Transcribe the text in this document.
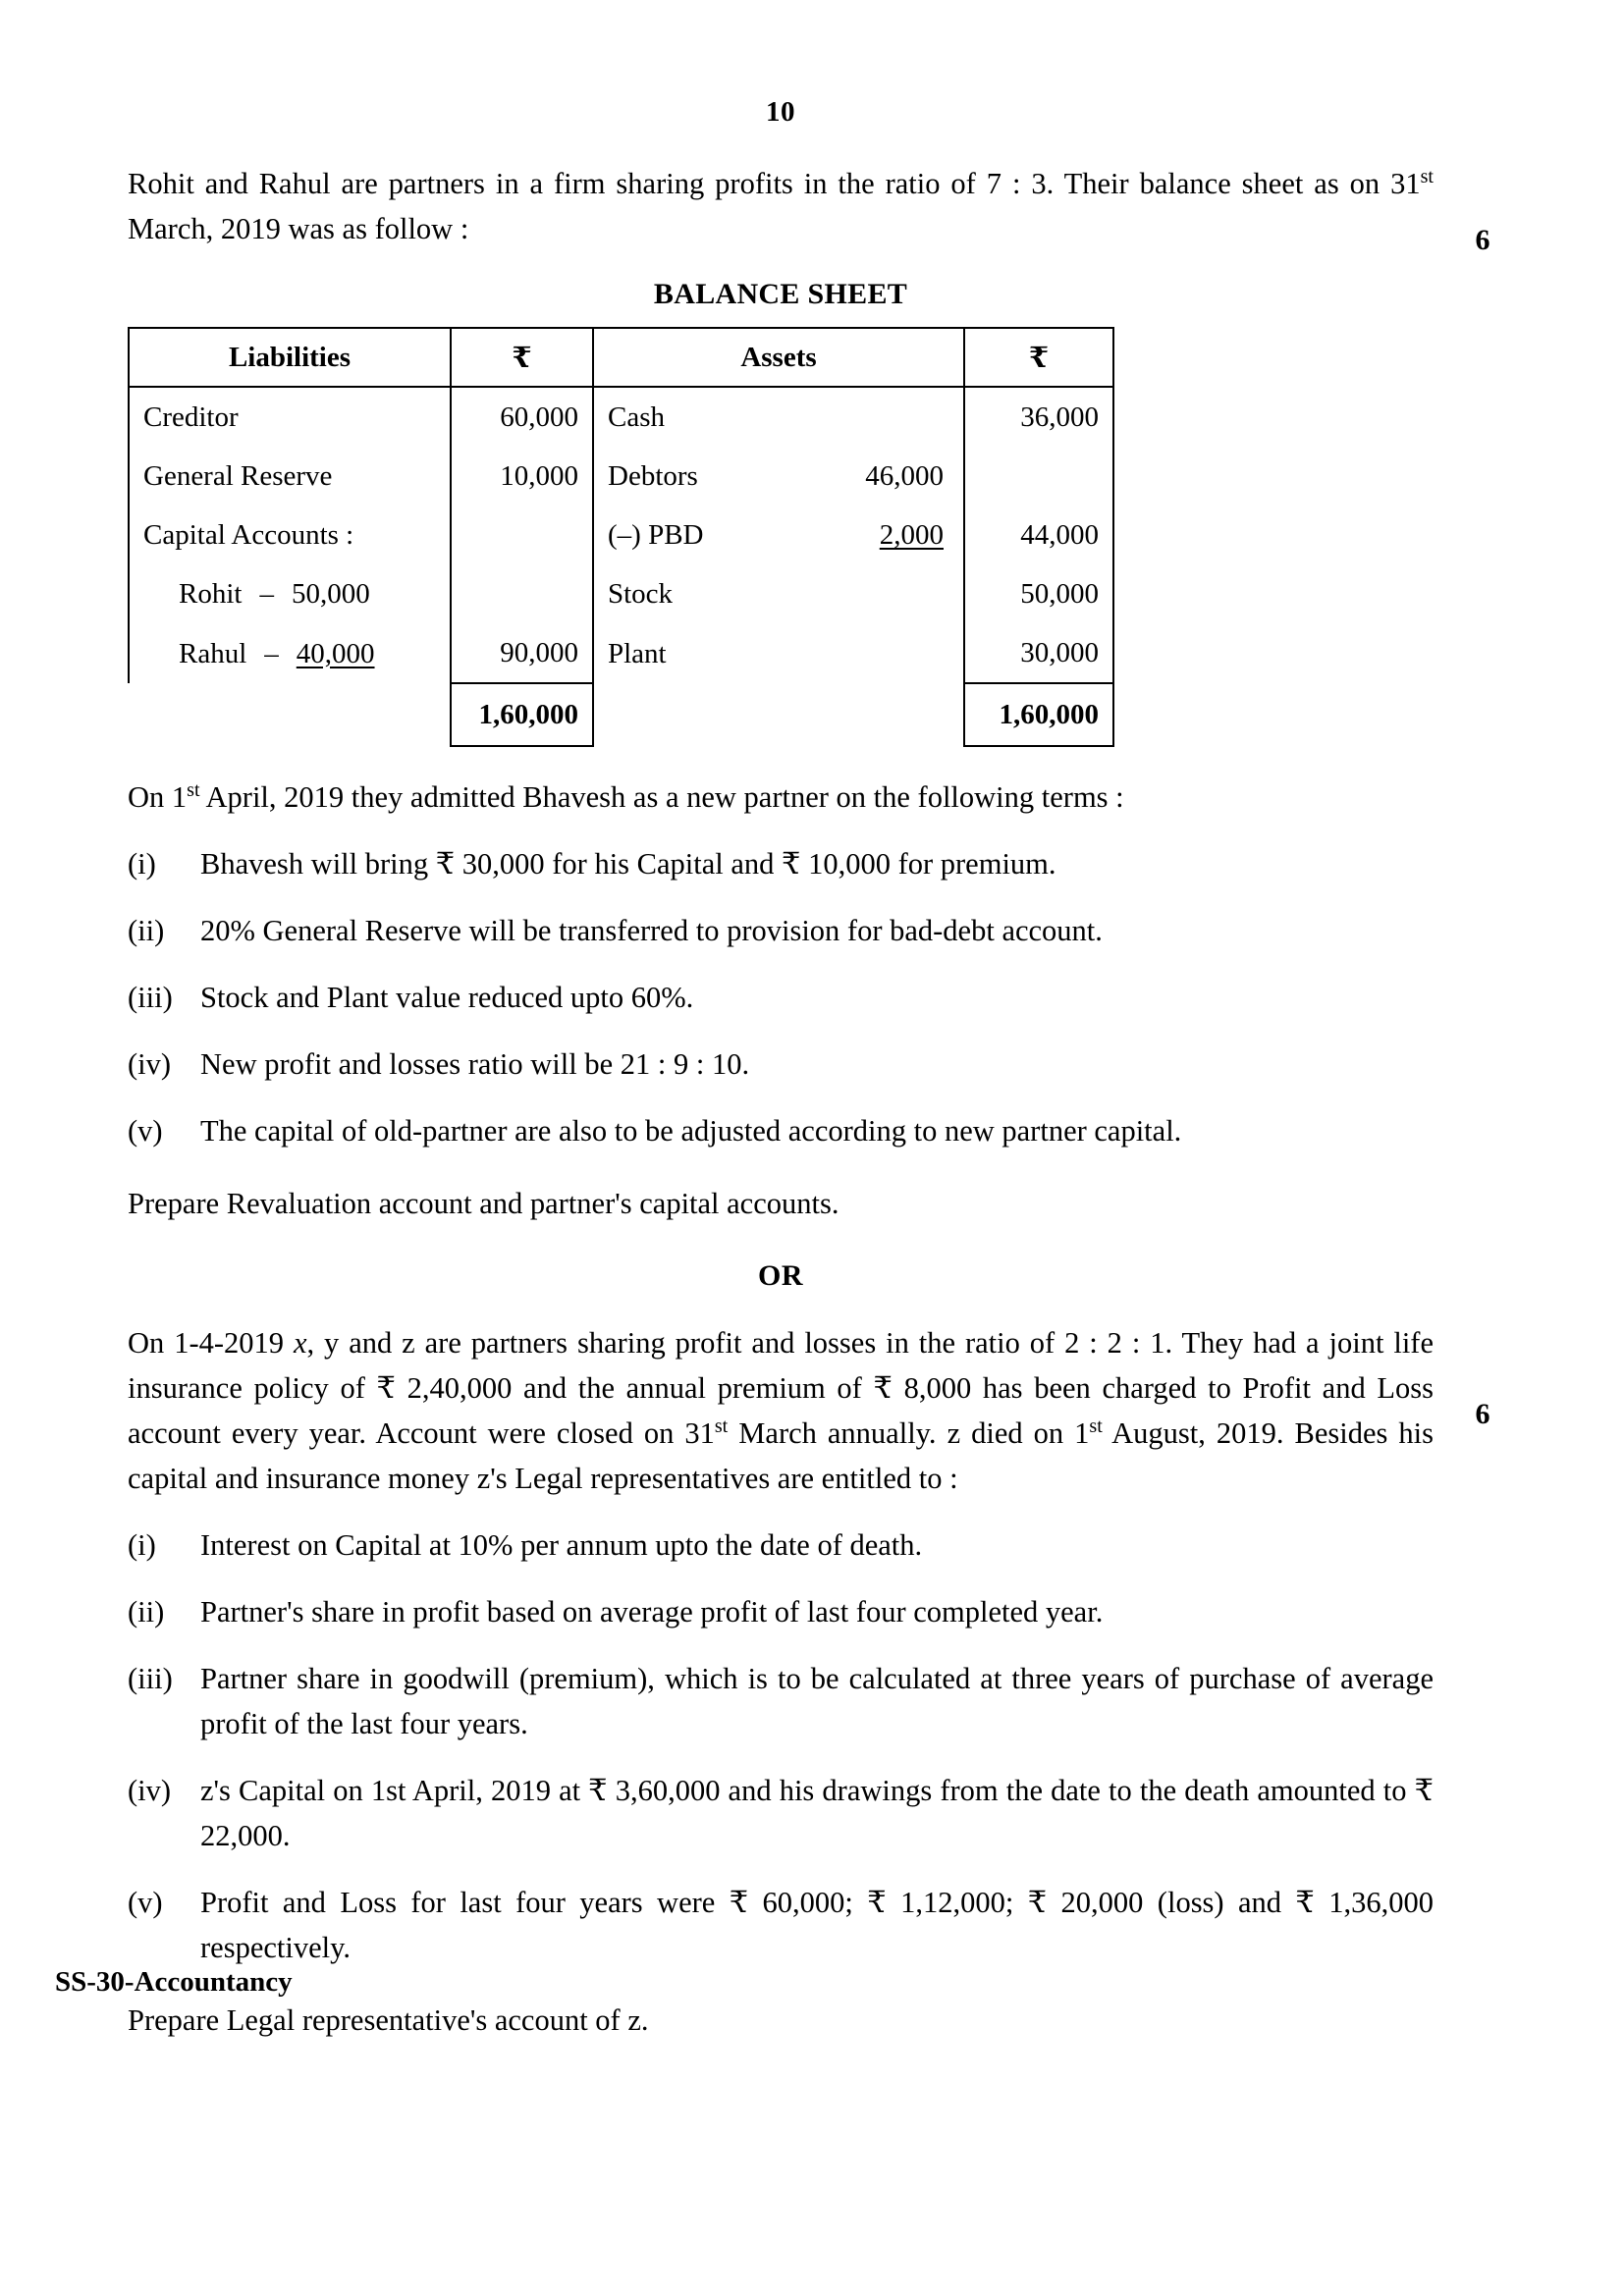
10

Rohit and Rahul are partners in a firm sharing profits in the ratio of 7 : 3. Their balance sheet as on 31st March, 2019 was as follow :

BALANCE SHEET
Liabilities	₹	Assets	₹

Creditor	60,000	Cash	36,000

General Reserve	10,000	Debtors 46,000	

Capital Accounts :		(–) PBD 2,000	44,000

Rohit – 50,000		Stock	50,000

Rahul – 40,000	90,000	Plant	30,000

	1,60,000		1,60,000

On 1st April, 2019 they admitted Bhavesh as a new partner on the following terms :

(i)	Bhavesh will bring ₹ 30,000 for his Capital and ₹ 10,000 for premium.
(ii)	20% General Reserve will be transferred to provision for bad-debt account.
(iii) Stock and Plant value reduced upto 60%.
(iv) New profit and losses ratio will be 21 : 9 : 10.
(v)	The capital of old-partner are also to be adjusted according to new partner capital.

Prepare Revaluation account and partner's capital accounts.

OR

On 1-4-2019 x, y and z are partners sharing profit and losses in the ratio of 2 : 2 : 1. They had a joint life insurance policy of ₹ 2,40,000 and the annual premium of ₹ 8,000 has been charged to Profit and Loss account every year. Account were closed on 31st March annually. z died on 1st August, 2019. Besides his capital and insurance money z's Legal representatives are entitled to :

(i)	Interest on Capital at 10% per annum upto the date of death.
(ii)	Partner's share in profit based on average profit of last four completed year.
(iii) Partner share in goodwill (premium), which is to be calculated at three years of purchase of average profit of the last four years.
(iv) z's Capital on 1st April, 2019 at ₹ 3,60,000 and his drawings from the date to the death amounted to ₹ 22,000.
(v)	Profit and Loss for last four years were ₹ 60,000; ₹ 1,12,000; ₹ 20,000 (loss) and ₹ 1,36,000 respectively.

Prepare Legal representative's account of z.

6
6
SS-30-Accountancy
